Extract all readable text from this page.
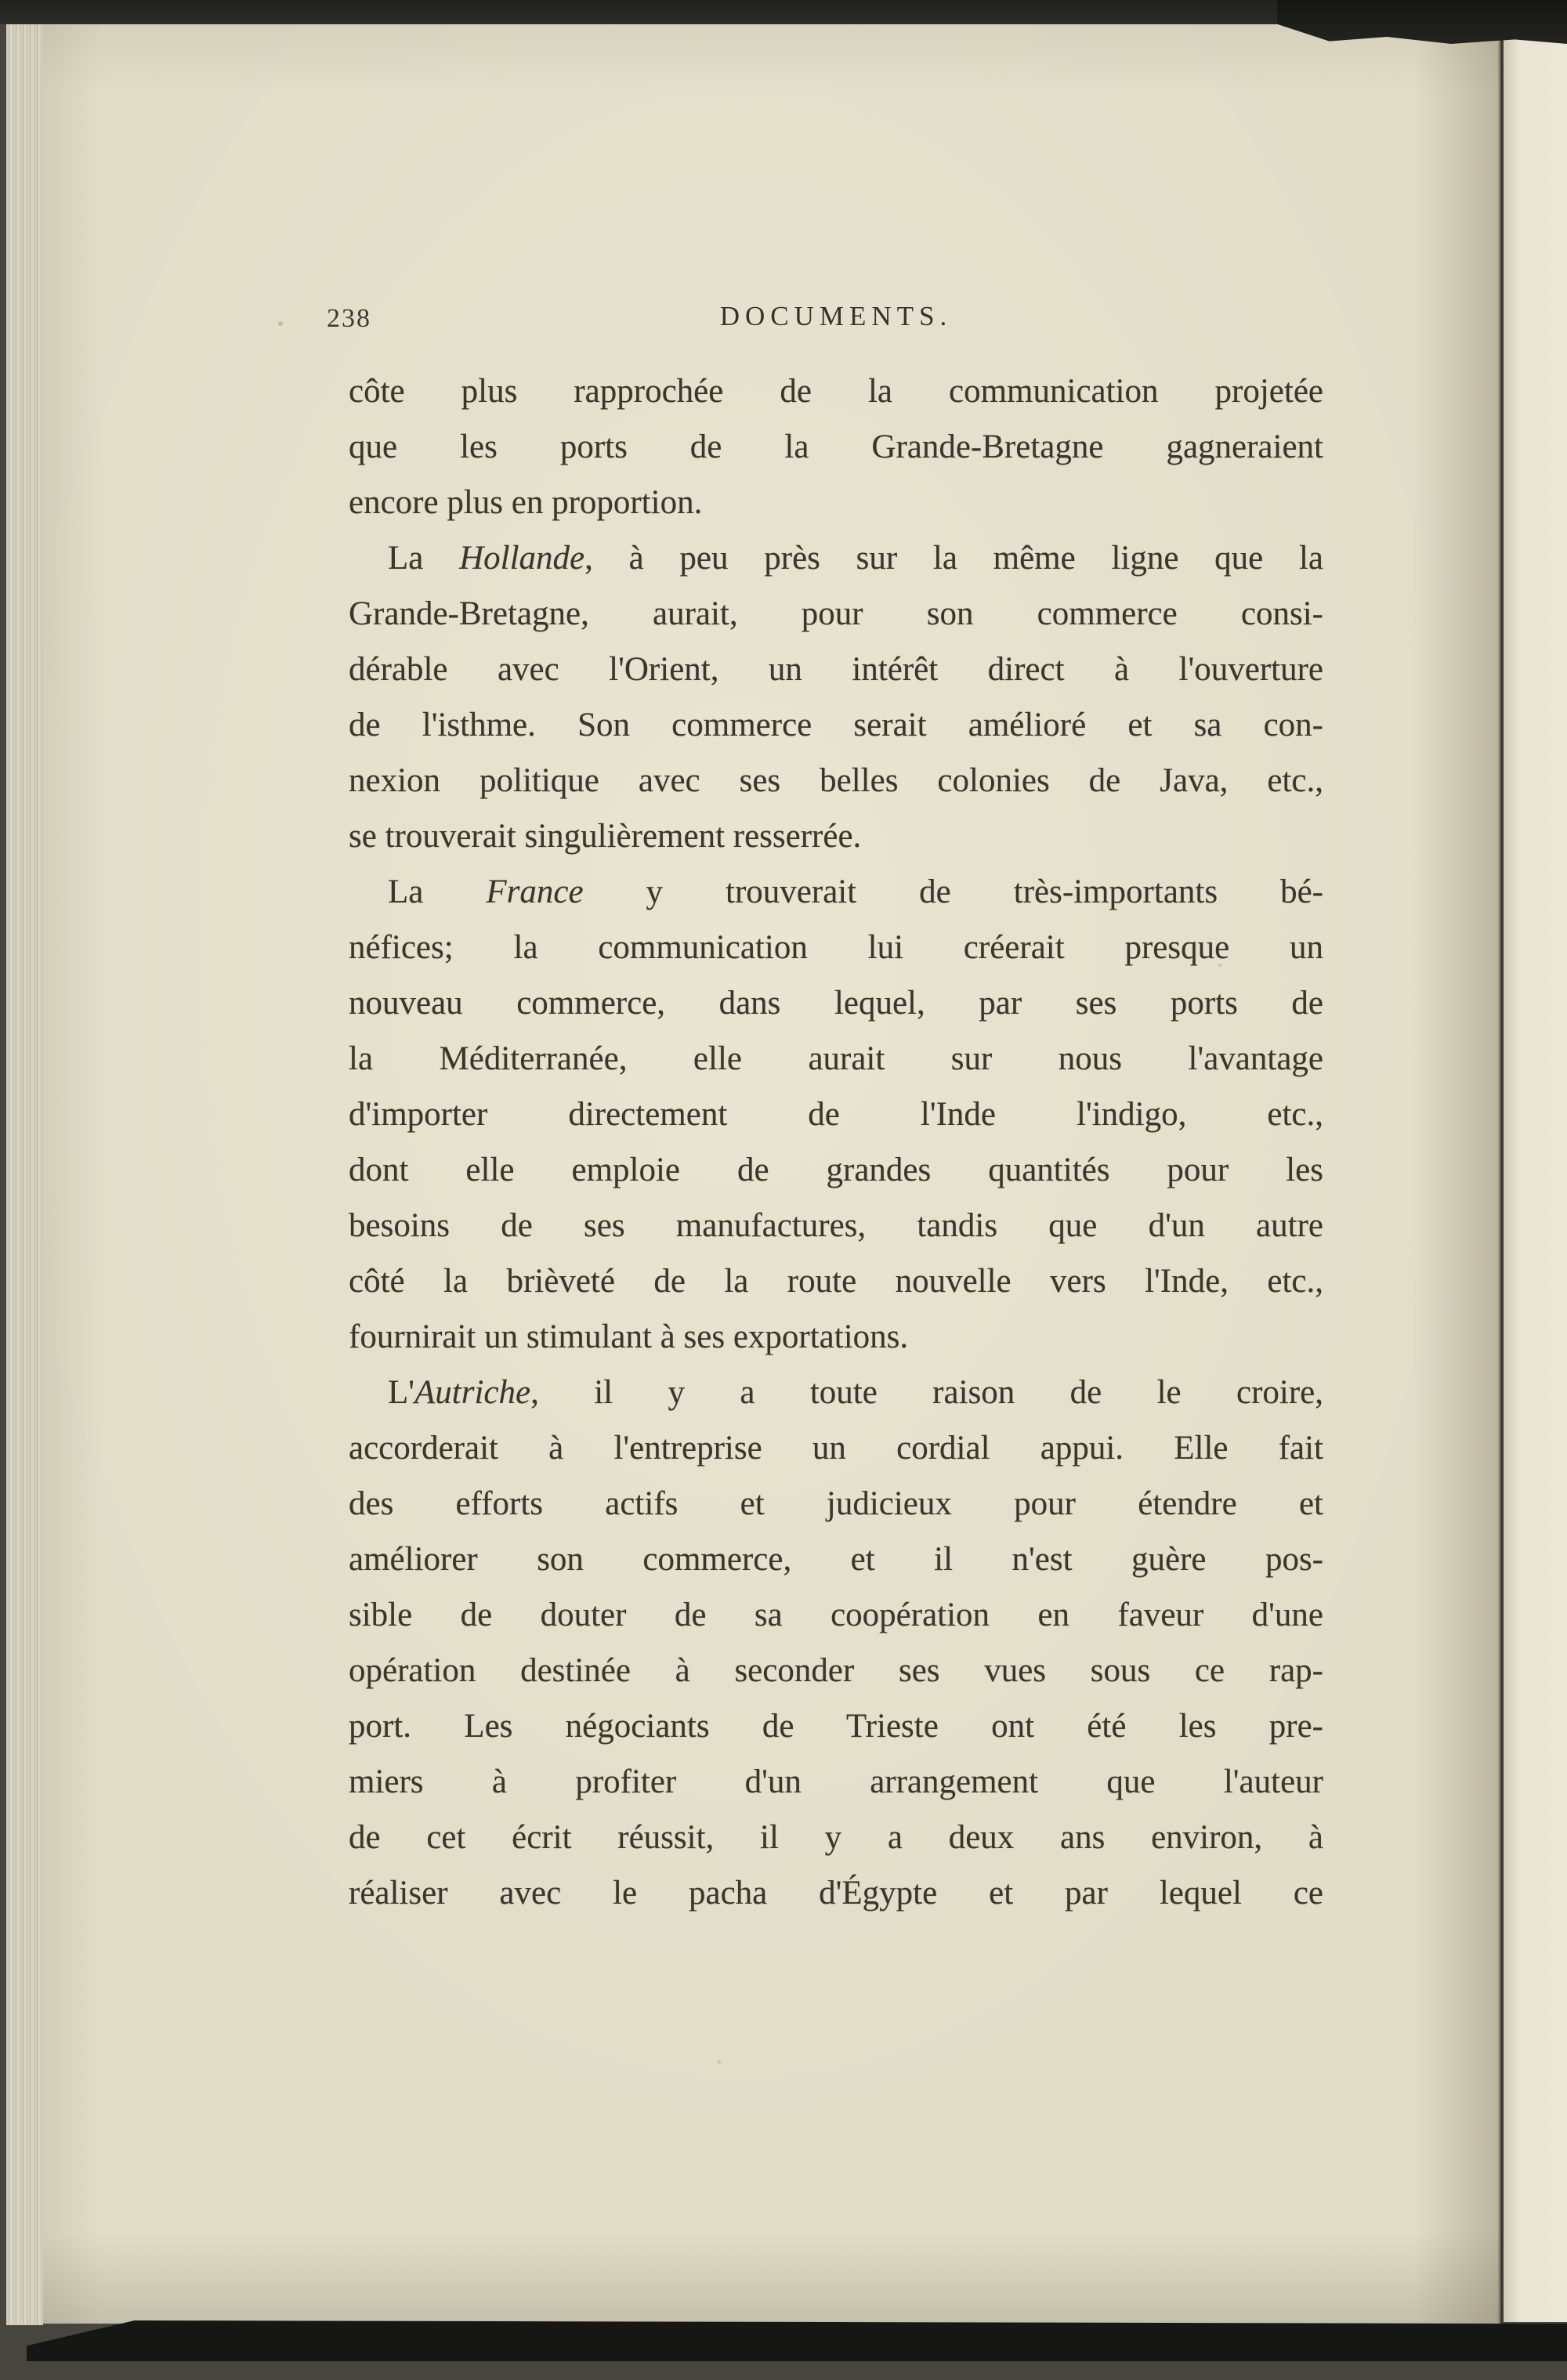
238	DOCUMENTS.

côte plus rapprochée de la communication projetée
que les ports de la Grande-Bretagne gagneraient
encore plus en proportion.

La Hollande, à peu près sur la même ligne que la
Grande-Bretagne, aurait, pour son commerce consi-
dérable avec l'Orient, un intérêt direct à l'ouverture
de l'isthme. Son commerce serait amélioré et sa con-
nexion politique avec ses belles colonies de Java, etc.,
se trouverait singulièrement resserrée.

La France y trouverait de très-importants bé-
néfices; la communication lui créerait presque un
nouveau commerce, dans lequel, par ses ports de
la Méditerranée, elle aurait sur nous l'avantage
d'importer directement de l'Inde l'indigo, etc.,
dont elle emploie de grandes quantités pour les
besoins de ses manufactures, tandis que d'un autre
côté la brièveté de la route nouvelle vers l'Inde, etc.,
fournirait un stimulant à ses exportations.

L'Autriche, il y a toute raison de le croire,
accorderait à l'entreprise un cordial appui. Elle fait
des efforts actifs et judicieux pour étendre et
améliorer son commerce, et il n'est guère pos-
sible de douter de sa coopération en faveur d'une
opération destinée à seconder ses vues sous ce rap-
port. Les négociants de Trieste ont été les pre-
miers à profiter d'un arrangement que l'auteur
de cet écrit réussit, il y a deux ans environ, à
réaliser avec le pacha d'Égypte et par lequel ce
